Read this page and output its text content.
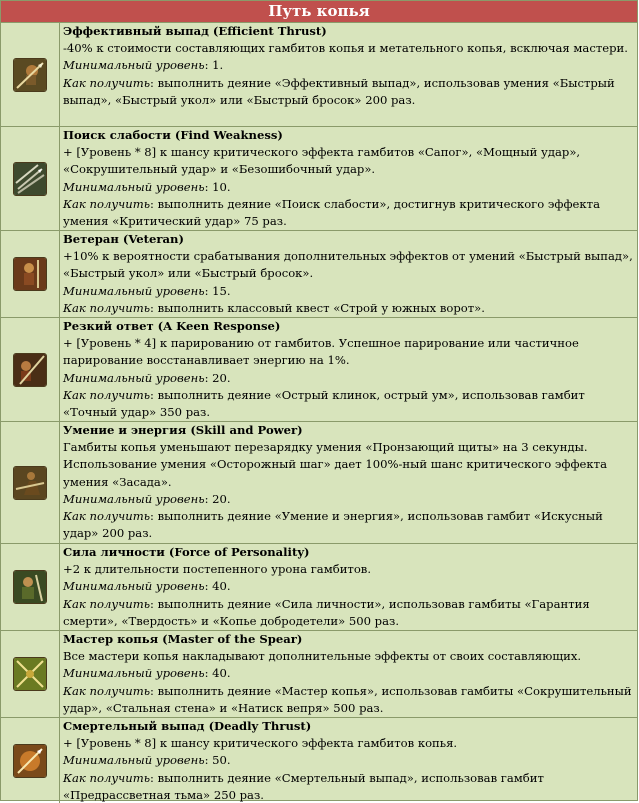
Путь копья
Эффективный выпад (Efficient Thrust)
-40% к стоимости составляющих гамбитов копья и метательного копья, всключая мастери.
Минимальный уровень: 1.
Как получить: выполнить деяние «Эффективный выпад», использовав умения «Быстрый выпад», «Быстрый укол» или «Быстрый бросок» 200 раз.
Поиск слабости (Find Weakness)
+ [Уровень * 8] к шансу критического эффекта гамбитов «Сапог», «Мощный удар», «Сокрушительный удар» и «Безошибочный удар».
Минимальный уровень: 10.
Как получить: выполнить деяние «Поиск слабости», достигнув критического эффекта умения «Критический удар» 75 раз.
Ветеран (Veteran)
+10% к вероятности срабатывания дополнительных эффектов от умений «Быстрый выпад», «Быстрый укол» или «Быстрый бросок».
Минимальный уровень: 15.
Как получить: выполнить классовый квест «Строй у южных ворот».
Резкий ответ (A Keen Response)
+ [Уровень * 4] к парированию от гамбитов. Успешное парирование или частичное парирование восстанавливает энергию на 1%.
Минимальный уровень: 20.
Как получить: выполнить деяние «Острый клинок, острый ум», использовав гамбит «Точный удар» 350 раз.
Умение и энергия (Skill and Power)
Гамбиты копья уменьшают перезарядку умения «Пронзающий щиты» на 3 секунды. Использование умения «Осторожный шаг» дает 100%-ный шанс критического эффекта умения «Засада».
Минимальный уровень: 20.
Как получить: выполнить деяние «Умение и энергия», использовав гамбит «Искусный удар» 200 раз.
Сила личности (Force of Personality)
+2 к длительности постепенного урона гамбитов.
Минимальный уровень: 40.
Как получить: выполнить деяние «Сила личности», использовав гамбиты «Гарантия смерти», «Твердость» и «Копье добродетели» 500 раз.
Мастер копья (Master of the Spear)
Все мастери копья накладывают дополнительные эффекты от своих составляющих.
Минимальный уровень: 40.
Как получить: выполнить деяние «Мастер копья», использовав гамбиты «Сокрушительный удар», «Стальная стена» и «Натиск вепря» 500 раз.
Смертельный выпад (Deadly Thrust)
+ [Уровень * 8] к шансу критического эффекта гамбитов копья.
Минимальный уровень: 50.
Как получить: выполнить деяние «Смертельный выпад», использовав гамбит «Предрассветная тьма» 250 раз.
